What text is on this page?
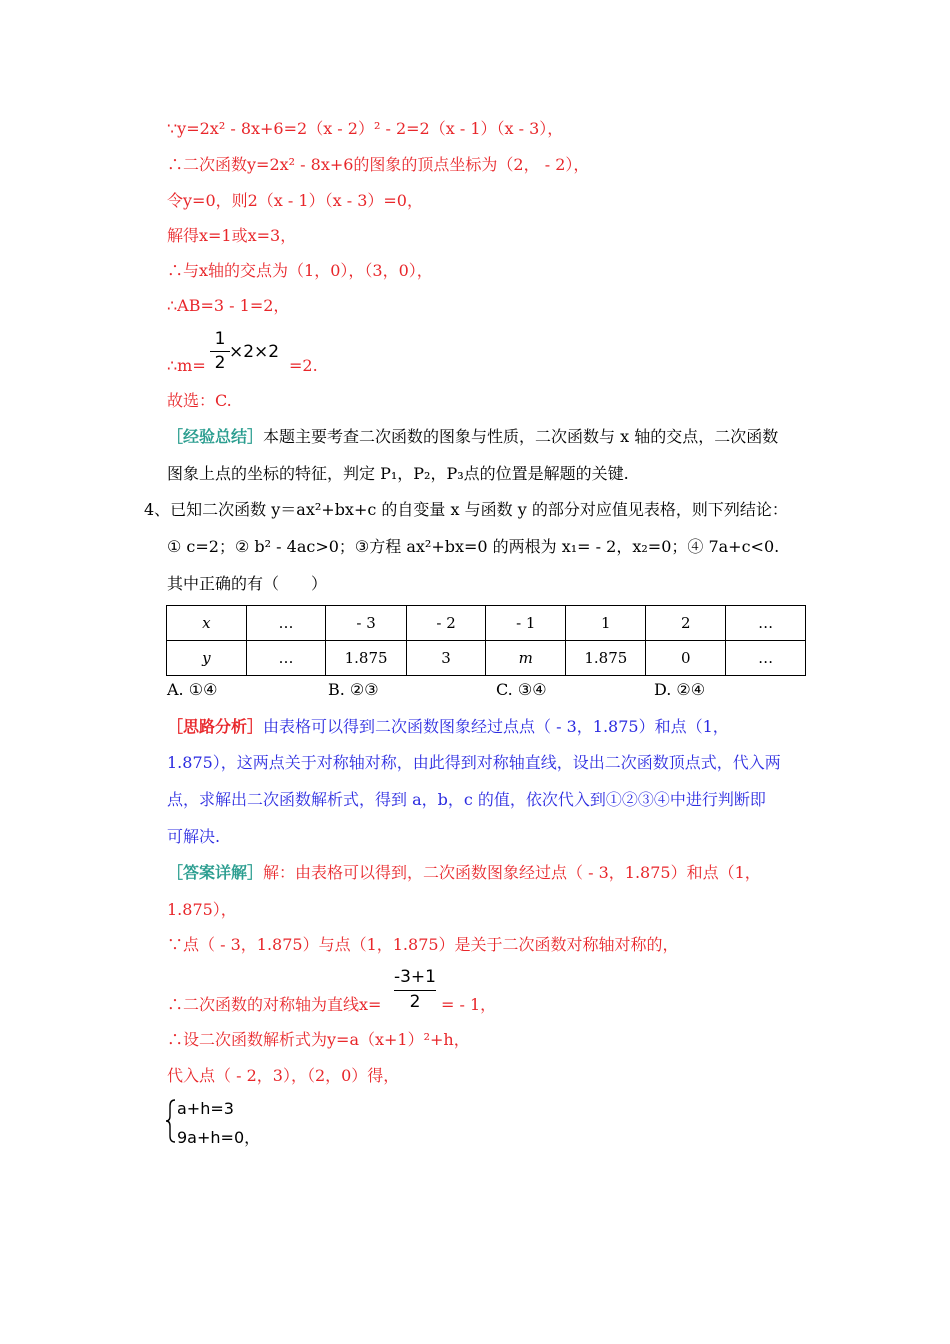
∵y=2x² - 8x+6=2（x - 2）² - 2=2（x - 1）（x - 3），
∴二次函数y=2x² - 8x+6的图象的顶点坐标为（2， - 2），
令y=0，则2（x - 1）（x - 3）=0，
解得x=1或x=3，
∴与x轴的交点为（1，0），（3，0），
∴AB=3 - 1=2，
∴m=
1
2
×2×2
=2.
故选：C.
［经验总结］本题主要考查二次函数的图象与性质，二次函数与 x 轴的交点，二次函数
图象上点的坐标的特征，判定 P₁，P₂，P₃点的位置是解题的关键.
4、已知二次函数 y＝ax²+bx+c 的自变量 x 与函数 y 的部分对应值见表格，则下列结论：
① c=2；② b² - 4ac>0；③方程 ax²+bx=0 的两根为 x₁= - 2，x₂=0；④ 7a+c<0.
其中正确的有（　　）
x	…	- 3	- 2	- 1	1	2	…
y	…	1.875	3	m	1.875	0	…
A. ①④	B. ②③	C. ③④	D. ②④
［思路分析］由表格可以得到二次函数图象经过点点（ - 3，1.875）和点（1，
1.875），这两点关于对称轴对称，由此得到对称轴直线，设出二次函数顶点式，代入两
点，求解出二次函数解析式，得到 a，b，c 的值，依次代入到①②③④中进行判断即
可解决.
［答案详解］解：由表格可以得到，二次函数图象经过点（ - 3，1.875）和点（1，
1.875），
∵点（ - 3，1.875）与点（1，1.875）是关于二次函数对称轴对称的，
∴二次函数的对称轴为直线x=
-3+1
2	= - 1，
∴设二次函数解析式为y=a（x+1）²+h，
代入点（ - 2，3），（2，0）得，
a+h=3
9a+h=0，
